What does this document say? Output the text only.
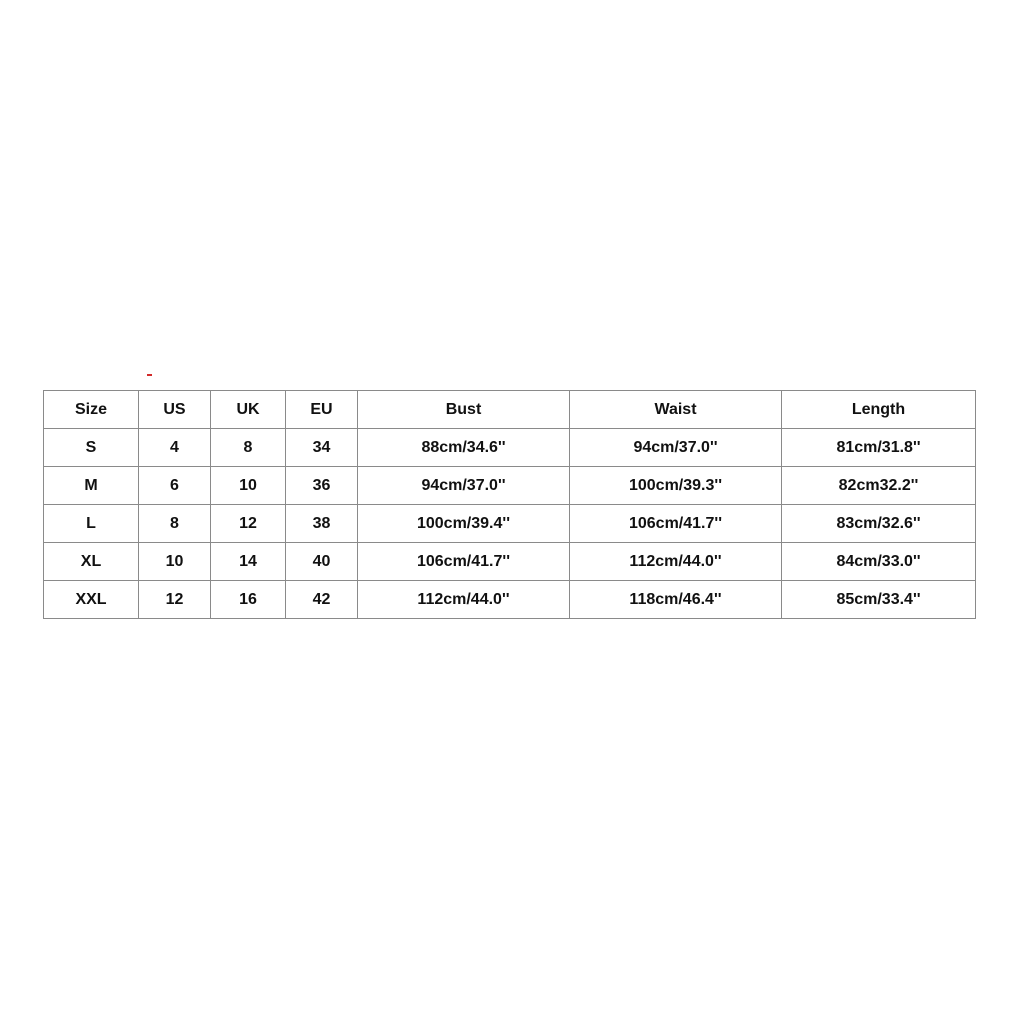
Size	US	UK	EU	Bust	Waist	Length
S	4	8	34	88cm/34.6''	94cm/37.0''	81cm/31.8''
M	6	10	36	94cm/37.0''	100cm/39.3''	82cm32.2''
L	8	12	38	100cm/39.4''	106cm/41.7''	83cm/32.6''
XL	10	14	40	106cm/41.7''	112cm/44.0''	84cm/33.0''
XXL	12	16	42	112cm/44.0''	118cm/46.4''	85cm/33.4''
